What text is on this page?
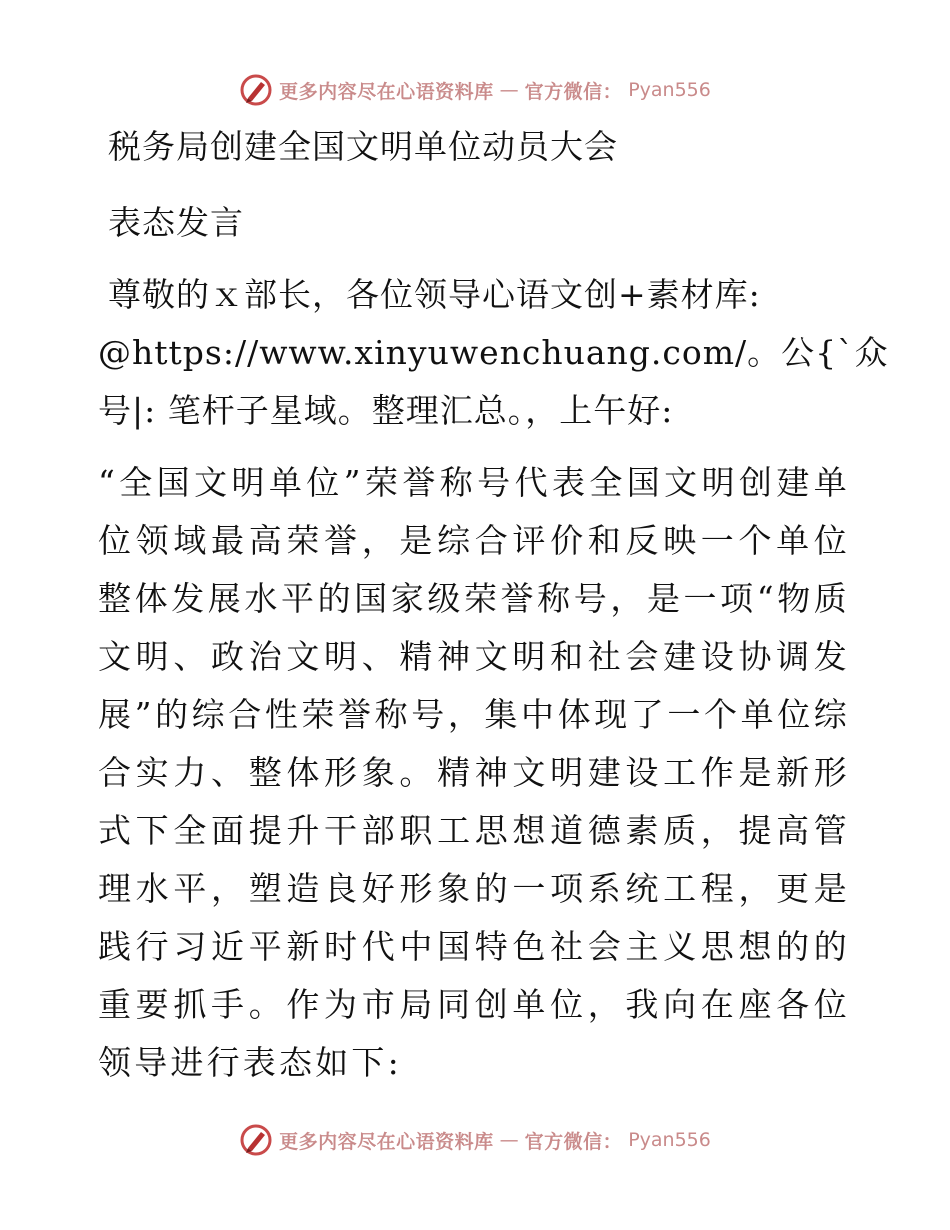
更多内容尽在心语资料库 — 官方微信： Pyan556
税务局创建全国文明单位动员大会
表态发言
尊敬的ｘ部长，各位领导心语文创+素材库:
@https://www.xinyuwenchuang.com/。公{`众
号|: 笔杆子星域。整理汇总。，上午好:

“全国文明单位”荣誉称号代表全国文明创建单位领域最高荣誉，是综合评价和反映一个单位整体发展水平的国家级荣誉称号，是一项“物质文明、政治文明、精神文明和社会建设协调发展”的综合性荣誉称号，集中体现了一个单位综合实力、整体形象。精神文明建设工作是新形式下全面提升干部职工思想道德素质，提高管理水平，塑造良好形象的一项系统工程，更是践行习近平新时代中国特色社会主义思想的的重要抓手。作为市局同创单位，我向在座各位领导进行表态如下:

更多内容尽在心语资料库 — 官方微信： Pyan556
